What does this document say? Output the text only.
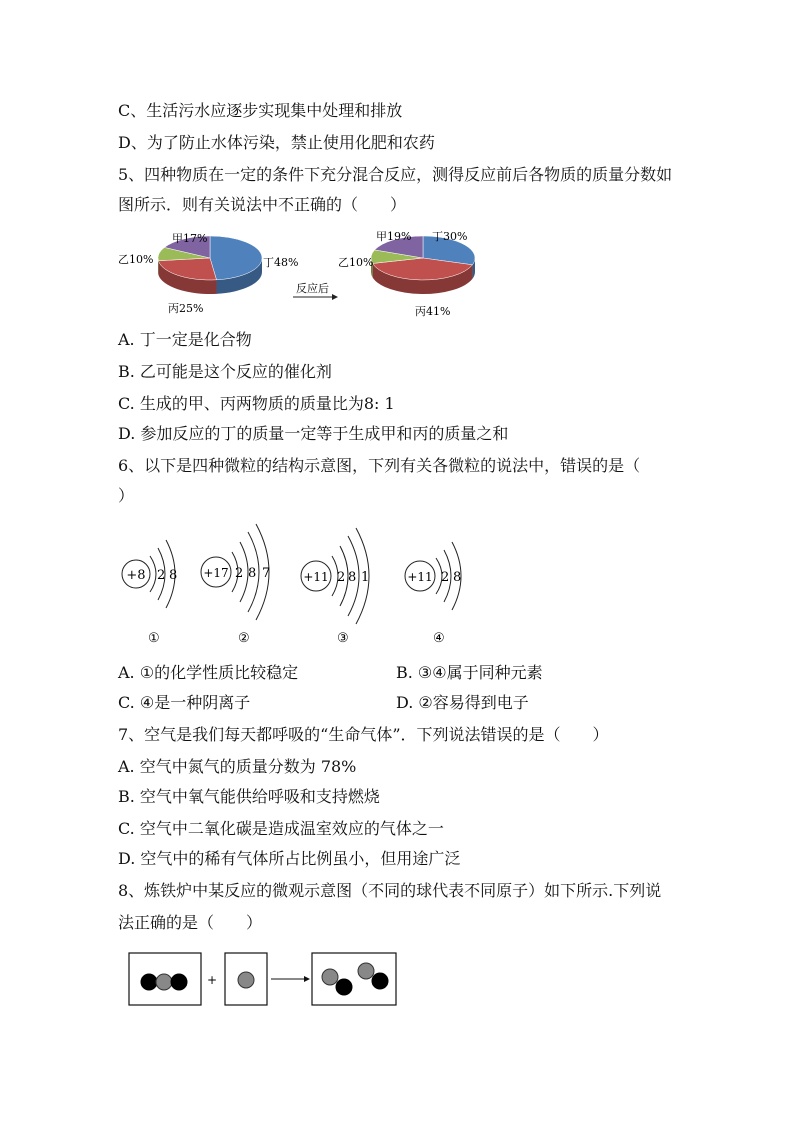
C、生活污水应逐步实现集中处理和排放
D、为了防止水体污染，禁止使用化肥和农药
5、四种物质在一定的条件下充分混合反应，测得反应前后各物质的质量分数如
图所示．则有关说法中不正确的（　　）
乙10%
甲17%
丁48%
丙25%
反应后
甲19% 丁30%
乙10%
丙41%
A. 丁一定是化合物
B. 乙可能是这个反应的催化剂
C. 生成的甲、丙两物质的质量比为8: 1
D. 参加反应的丁的质量一定等于生成甲和丙的质量之和
6、以下是四种微粒的结构示意图，下列有关各微粒的说法中，错误的是（
）
+8 2 8
①
+17 2 8 7
②
+11 2 8 1
③
+11 2 8
④
A. ①的化学性质比较稳定	B. ③④属于同种元素
C. ④是一种阴离子	D. ②容易得到电子
7、空气是我们每天都呼吸的“生命气体”．下列说法错误的是（　　）
A. 空气中氮气的质量分数为 78%
B. 空气中氧气能供给呼吸和支持燃烧
C. 空气中二氧化碳是造成温室效应的气体之一
D. 空气中的稀有气体所占比例虽小，但用途广泛
8、炼铁炉中某反应的微观示意图（不同的球代表不同原子）如下所示.下列说
法正确的是（　　）
+
